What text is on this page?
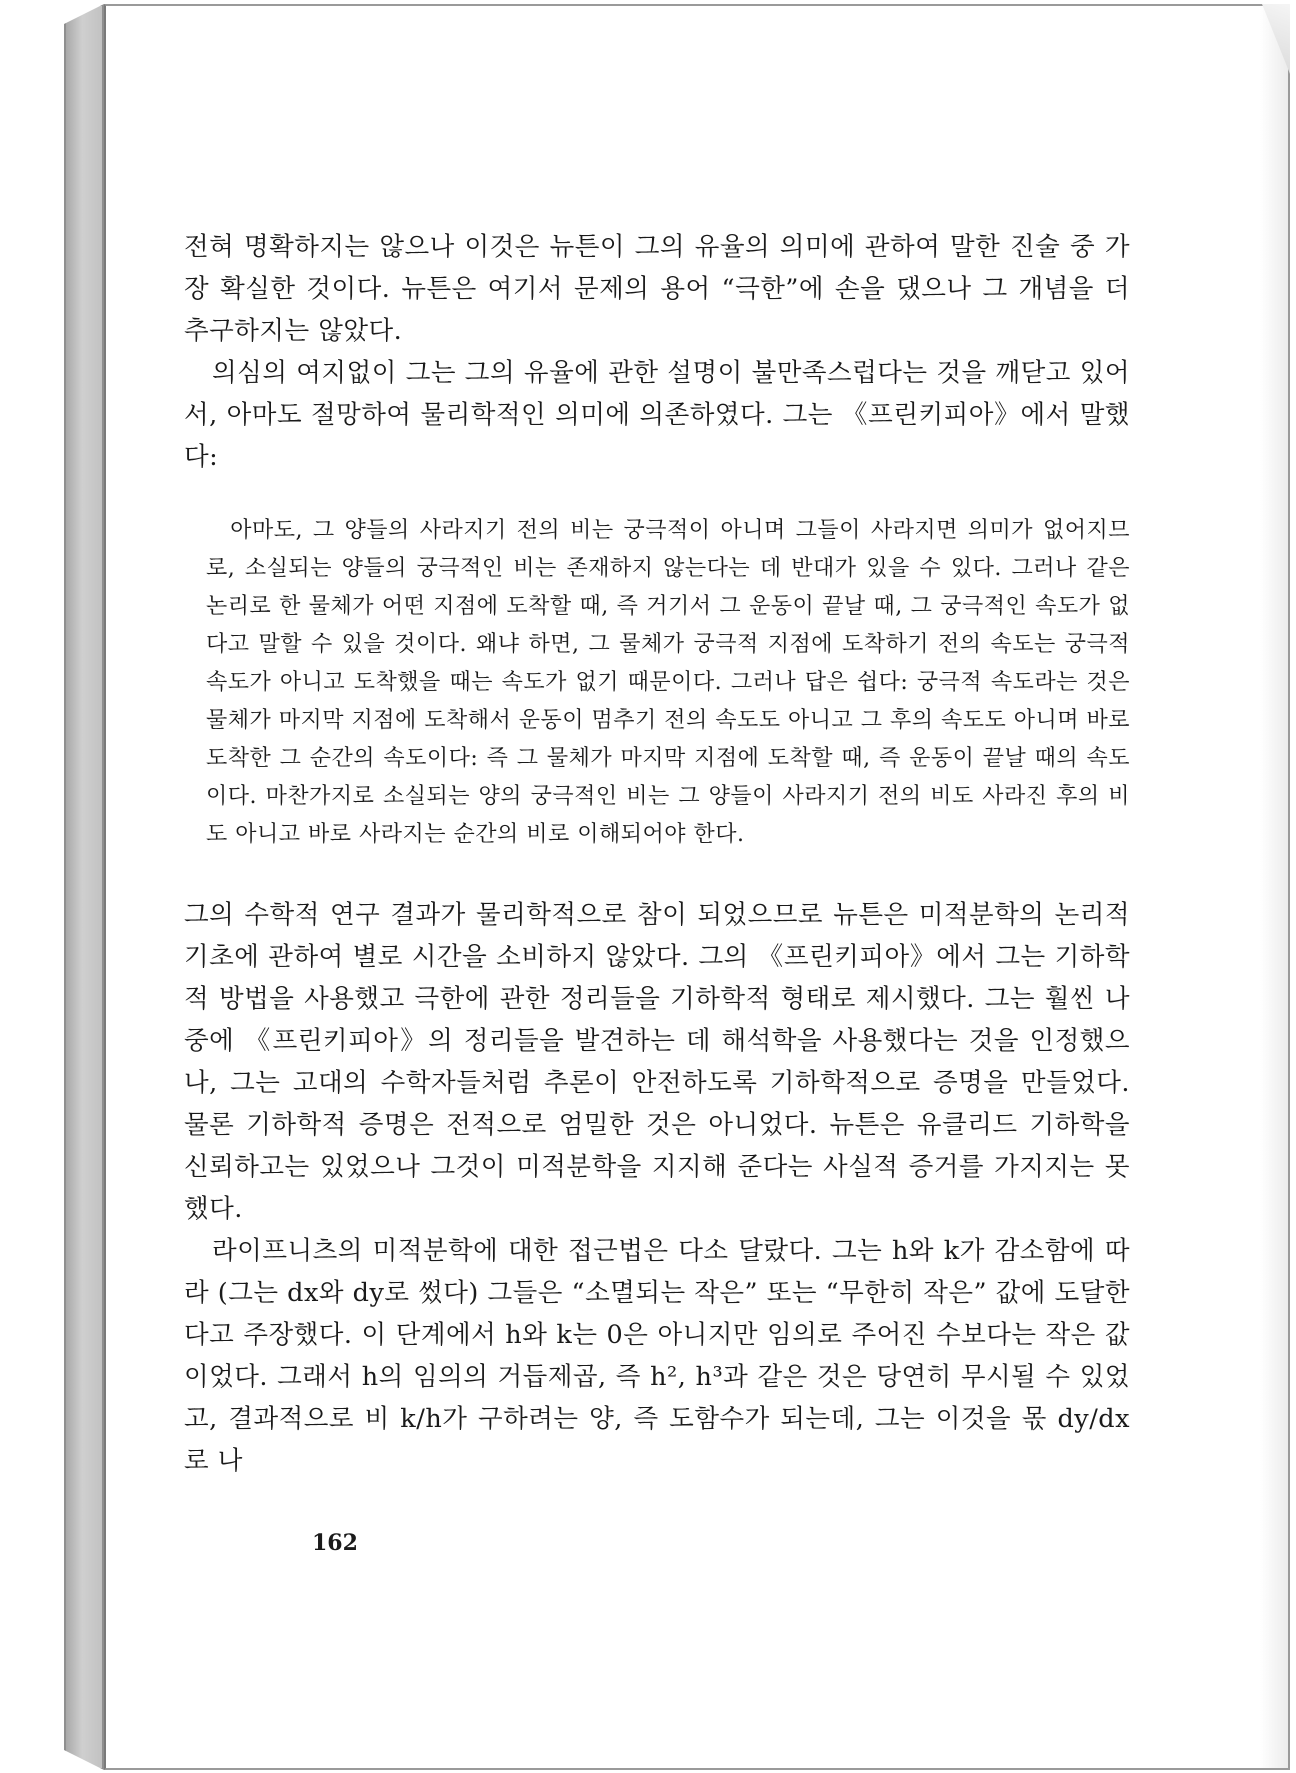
전혀 명확하지는 않으나 이것은 뉴튼이 그의 유율의 의미에 관하여 말한 진술 중 가장 확실한 것이다. 뉴튼은 여기서 문제의 용어 “극한”에 손을 댔으나 그 개념을 더 추구하지는 않았다.

의심의 여지없이 그는 그의 유율에 관한 설명이 불만족스럽다는 것을 깨닫고 있어서, 아마도 절망하여 물리학적인 의미에 의존하였다. 그는 《프린키피아》에서 말했다:

아마도, 그 양들의 사라지기 전의 비는 궁극적이 아니며 그들이 사라지면 의미가 없어지므로, 소실되는 양들의 궁극적인 비는 존재하지 않는다는 데 반대가 있을 수 있다. 그러나 같은 논리로 한 물체가 어떤 지점에 도착할 때, 즉 거기서 그 운동이 끝날 때, 그 궁극적인 속도가 없다고 말할 수 있을 것이다. 왜냐 하면, 그 물체가 궁극적 지점에 도착하기 전의 속도는 궁극적 속도가 아니고 도착했을 때는 속도가 없기 때문이다. 그러나 답은 쉽다: 궁극적 속도라는 것은 물체가 마지막 지점에 도착해서 운동이 멈추기 전의 속도도 아니고 그 후의 속도도 아니며 바로 도착한 그 순간의 속도이다: 즉 그 물체가 마지막 지점에 도착할 때, 즉 운동이 끝날 때의 속도이다. 마찬가지로 소실되는 양의 궁극적인 비는 그 양들이 사라지기 전의 비도 사라진 후의 비도 아니고 바로 사라지는 순간의 비로 이해되어야 한다.

그의 수학적 연구 결과가 물리학적으로 참이 되었으므로 뉴튼은 미적분학의 논리적 기초에 관하여 별로 시간을 소비하지 않았다. 그의 《프린키피아》에서 그는 기하학적 방법을 사용했고 극한에 관한 정리들을 기하학적 형태로 제시했다. 그는 훨씬 나중에 《프린키피아》의 정리들을 발견하는 데 해석학을 사용했다는 것을 인정했으나, 그는 고대의 수학자들처럼 추론이 안전하도록 기하학적으로 증명을 만들었다. 물론 기하학적 증명은 전적으로 엄밀한 것은 아니었다. 뉴튼은 유클리드 기하학을 신뢰하고는 있었으나 그것이 미적분학을 지지해 준다는 사실적 증거를 가지지는 못했다.

라이프니츠의 미적분학에 대한 접근법은 다소 달랐다. 그는 h와 k가 감소함에 따라 (그는 dx와 dy로 썼다) 그들은 “소멸되는 작은” 또는 “무한히 작은” 값에 도달한다고 주장했다. 이 단계에서 h와 k는 0은 아니지만 임의로 주어진 수보다는 작은 값이었다. 그래서 h의 임의의 거듭제곱, 즉 h², h³과 같은 것은 당연히 무시될 수 있었고, 결과적으로 비 k/h가 구하려는 양, 즉 도함수가 되는데, 그는 이것을 몫 dy/dx로 나

162
